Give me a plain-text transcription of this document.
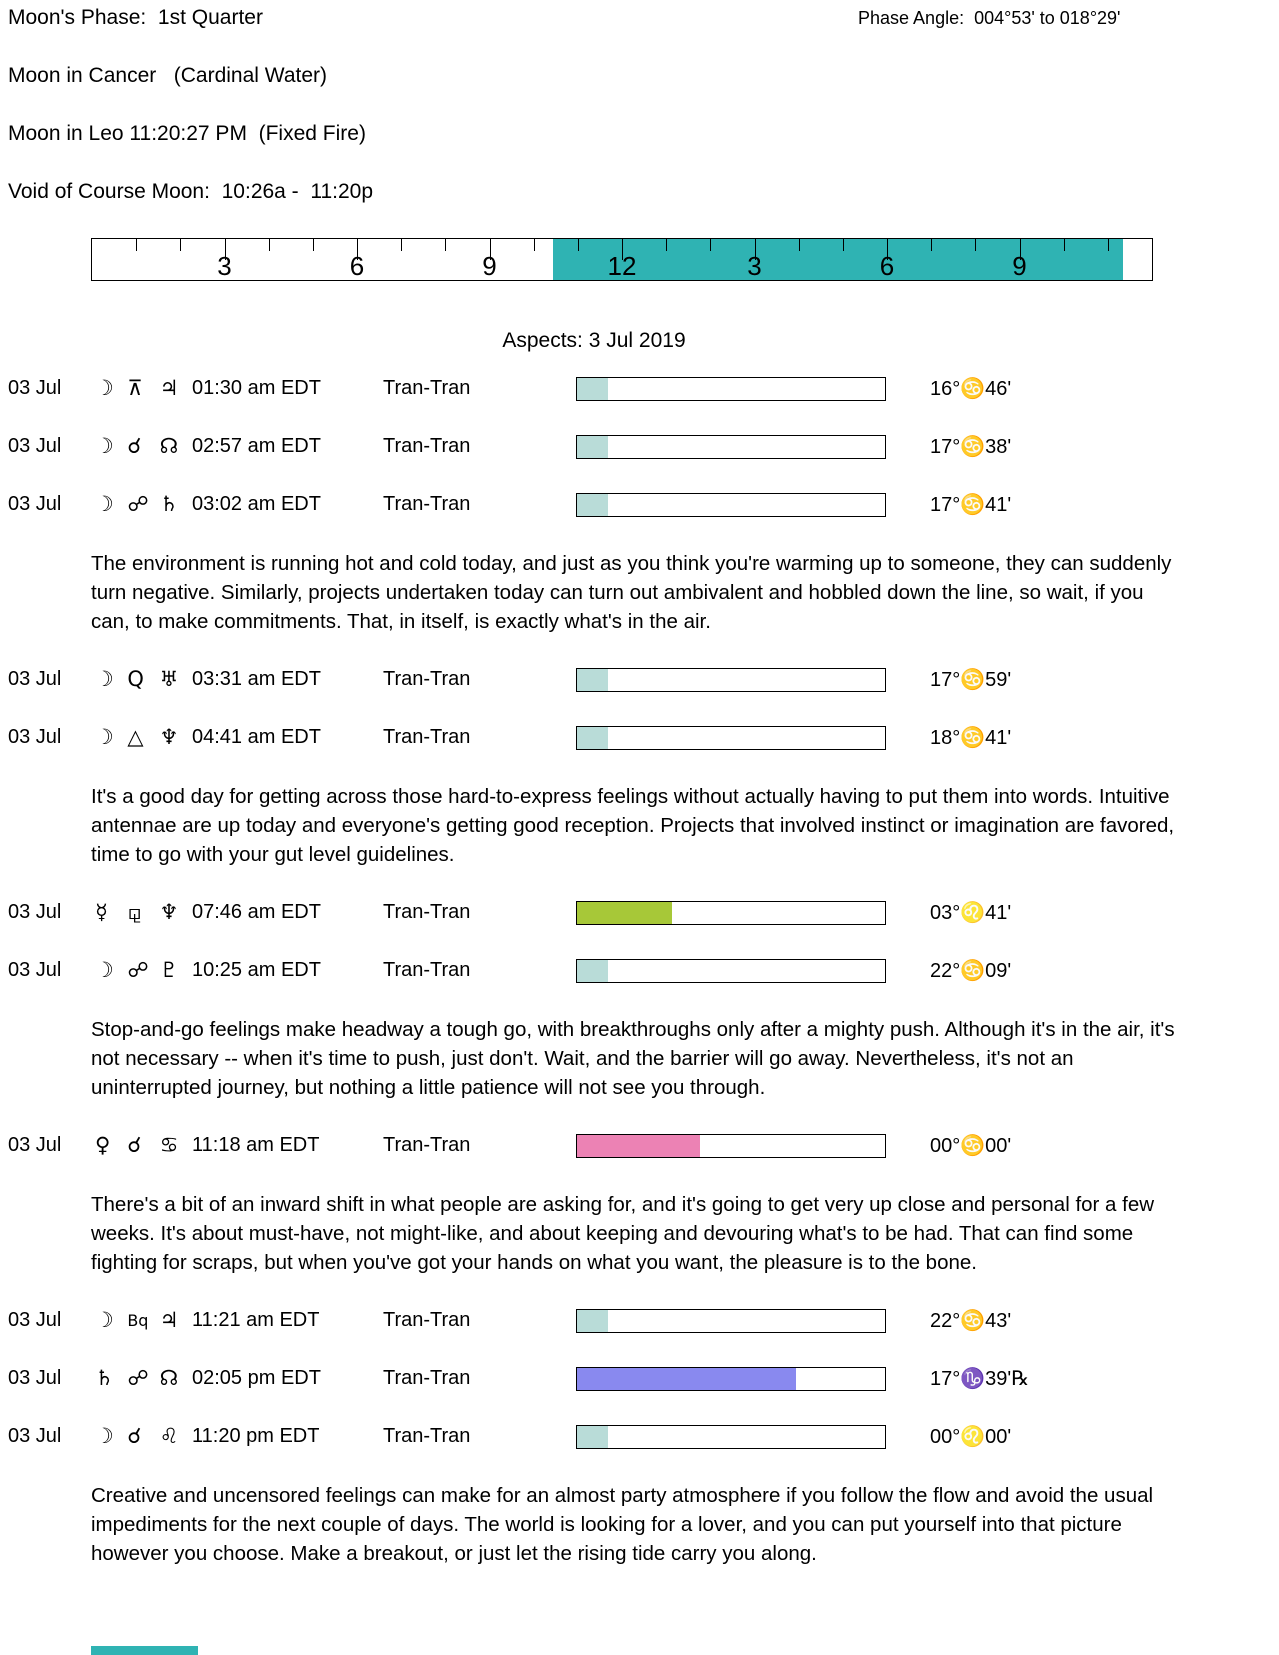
Phase Angle:  004°53' to 018°29'
Moon's Phase:  1st Quarter
Moon in Cancer   (Cardinal Water)
Moon in Leo 11:20:27 PM  (Fixed Fire)
Void of Course Moon:  10:26a -  11:20p
3	6	9	12	3	6	9
Aspects: 3 Jul 2019
03 Jul	☽ ⊼ ♃ 01:30 am EDT	Tran-Tran	16°♋46'
03 Jul	☽ ☌ ☊ 02:57 am EDT	Tran-Tran	17°♋38'
03 Jul	☽ ☍ ♄ 03:02 am EDT	Tran-Tran	17°♋41'

The environment is running hot and cold today, and just as you think you're warming up to someone, they can suddenly turn negative. Similarly, projects undertaken today can turn out ambivalent and hobbled down the line, so wait, if you can, to make commitments. That, in itself, is exactly what's in the air.

03 Jul	☽ Q ♅ 03:31 am EDT	Tran-Tran	17°♋59'
03 Jul	☽ △ ♆ 04:41 am EDT	Tran-Tran	18°♋41'

It's a good day for getting across those hard-to-express feelings without actually having to put them into words. Intuitive antennae are up today and everyone's getting good reception. Projects that involved instinct or imagination are favored, time to go with your gut level guidelines.

03 Jul	☿ ⚼ ♆ 07:46 am EDT	Tran-Tran	03°♌41'
03 Jul	☽ ☍ ♇ 10:25 am EDT	Tran-Tran	22°♋09'

Stop-and-go feelings make headway a tough go, with breakthroughs only after a mighty push. Although it's in the air, it's not necessary -- when it's time to push, just don't. Wait, and the barrier will go away. Nevertheless, it's not an uninterrupted journey, but nothing a little patience will not see you through.

03 Jul	♀ ☌ ♋ 11:18 am EDT	Tran-Tran	00°♋00'

There's a bit of an inward shift in what people are asking for, and it's going to get very up close and personal for a few weeks. It's about must-have, not might-like, and about keeping and devouring what's to be had. That can find some fighting for scraps, but when you've got your hands on what you want, the pleasure is to the bone.

03 Jul	☽ Bq ♃ 11:21 am EDT	Tran-Tran	22°♋43'
03 Jul	♄ ☍ ☊ 02:05 pm EDT	Tran-Tran	17°♑39'℞
03 Jul	☽ ☌ ♌ 11:20 pm EDT	Tran-Tran	00°♌00'

Creative and uncensored feelings can make for an almost party atmosphere if you follow the flow and avoid the usual impediments for the next couple of days. The world is looking for a lover, and you can put yourself into that picture however you choose. Make a breakout, or just let the rising tide carry you along.
